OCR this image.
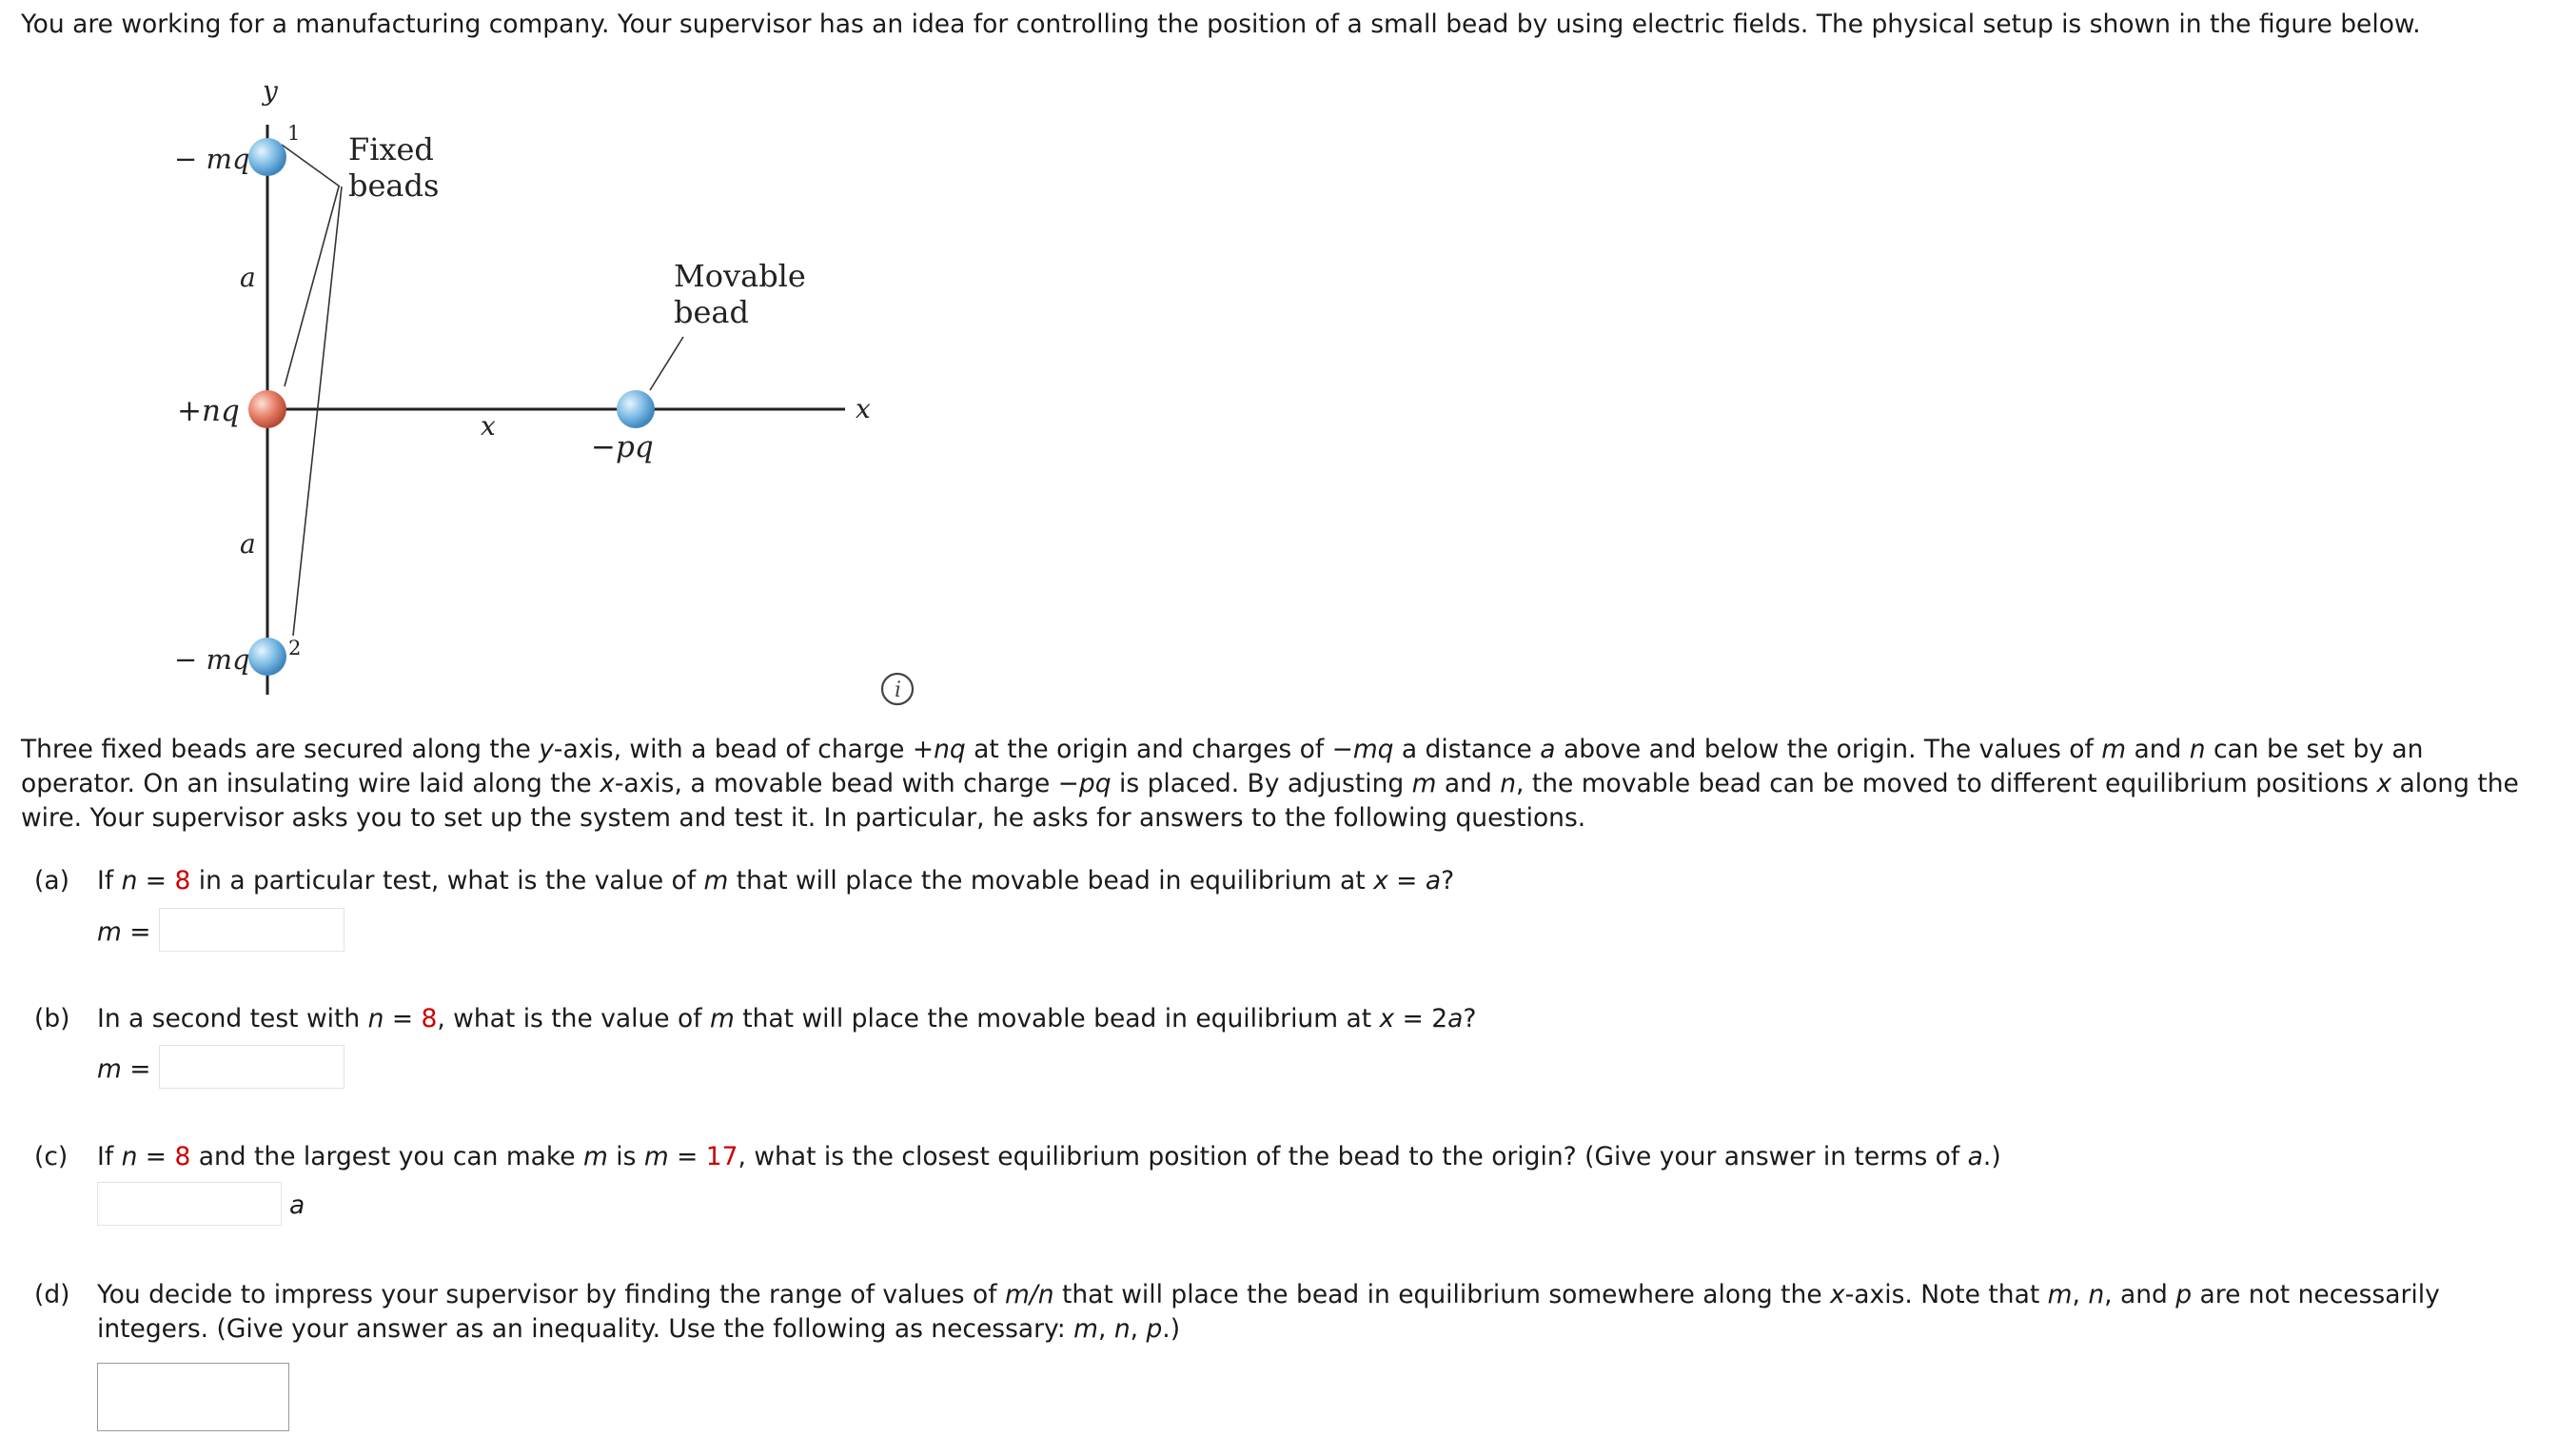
You are working for a manufacturing company. Your supervisor has an idea for controlling the position of a small bead by using electric fields. The physical setup is shown in the figure below.

y
1
− mq	Fixed
beads
a	Movable
bead
+nq	x
−pq
x
a
2
− mq
i

Three fixed beads are secured along the y-axis, with a bead of charge +nq at the origin and charges of −mq a distance a above and below the origin. The values of m and n can be set by an operator. On an insulating wire laid along the x-axis, a movable bead with charge −pq is placed. By adjusting m and n, the movable bead can be moved to different equilibrium positions x along the wire. Your supervisor asks you to set up the system and test it. In particular, he asks for answers to the following questions.

(a) If n = 8 in a particular test, what is the value of m that will place the movable bead in equilibrium at x = a?
m =
(b) In a second test with n = 8, what is the value of m that will place the movable bead in equilibrium at x = 2a?
m =
(c) If n = 8 and the largest you can make m is m = 17, what is the closest equilibrium position of the bead to the origin? (Give your answer in terms of a.)
a
(d) You decide to impress your supervisor by finding the range of values of m/n that will place the bead in equilibrium somewhere along the x-axis. Note that m, n, and p are not necessarily integers. (Give your answer as an inequality. Use the following as necessary: m, n, p.)
